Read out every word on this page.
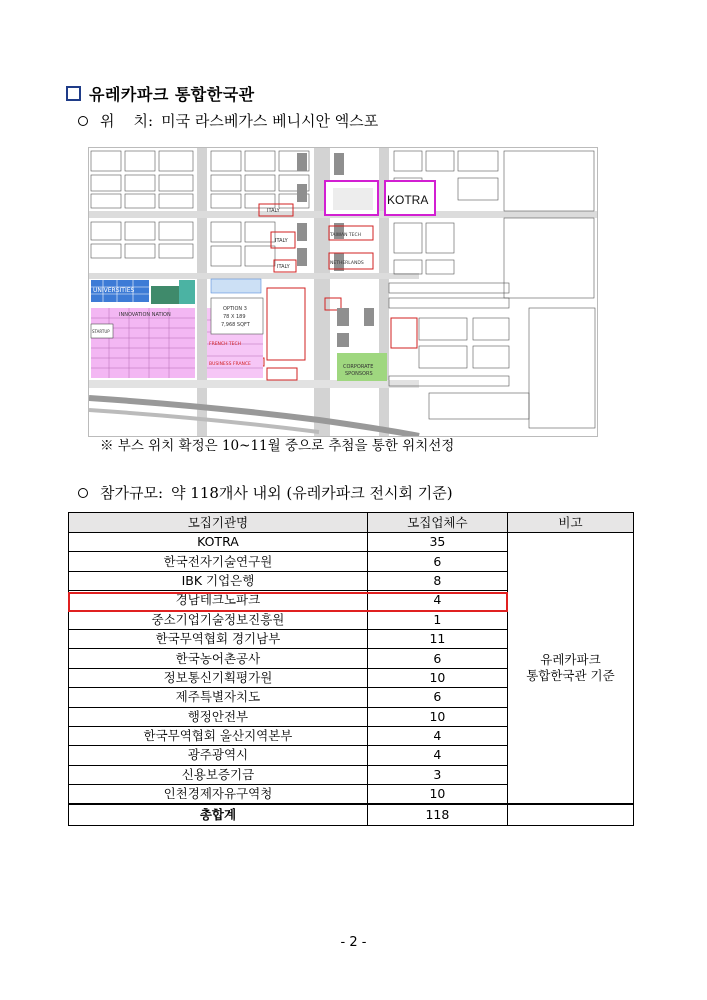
유레카파크 통합한국관
위    치: 미국 라스베가스 베니시안 엑스포
ITALY
ITALY
ITALY
TAIWAN TECH
NETHERLANDS
KOTRA
UNIVERSITIES
INNOVATION NATION
STARTUP
FRENCH TECH
BUSINESS FRANCE
OPTION 3
78 X 189
7,968 SQFT
CORPORATE
SPONSORS
※ 부스 위치 확정은 10~11월 중으로 추첨을 통한 위치선정
참가규모: 약 118개사 내외 (유레카파크 전시회 기준)
모집기관명	모집업체수	비고
KOTRA	35	유레카파크
통합한국관 기준

한국전자기술연구원	6	
IBK 기업은행	8	
경남테크노파크	4	
중소기업기술정보진흥원	1	
한국무역협회 경기남부	11	
한국농어촌공사	6	
정보통신기획평가원	10	
제주특별자치도	6	
행정안전부	10	
한국무역협회 울산지역본부	4	
광주광역시	4	
신용보증기금	3	
인천경제자유구역청	10	
총합계	118	
- 2 -
